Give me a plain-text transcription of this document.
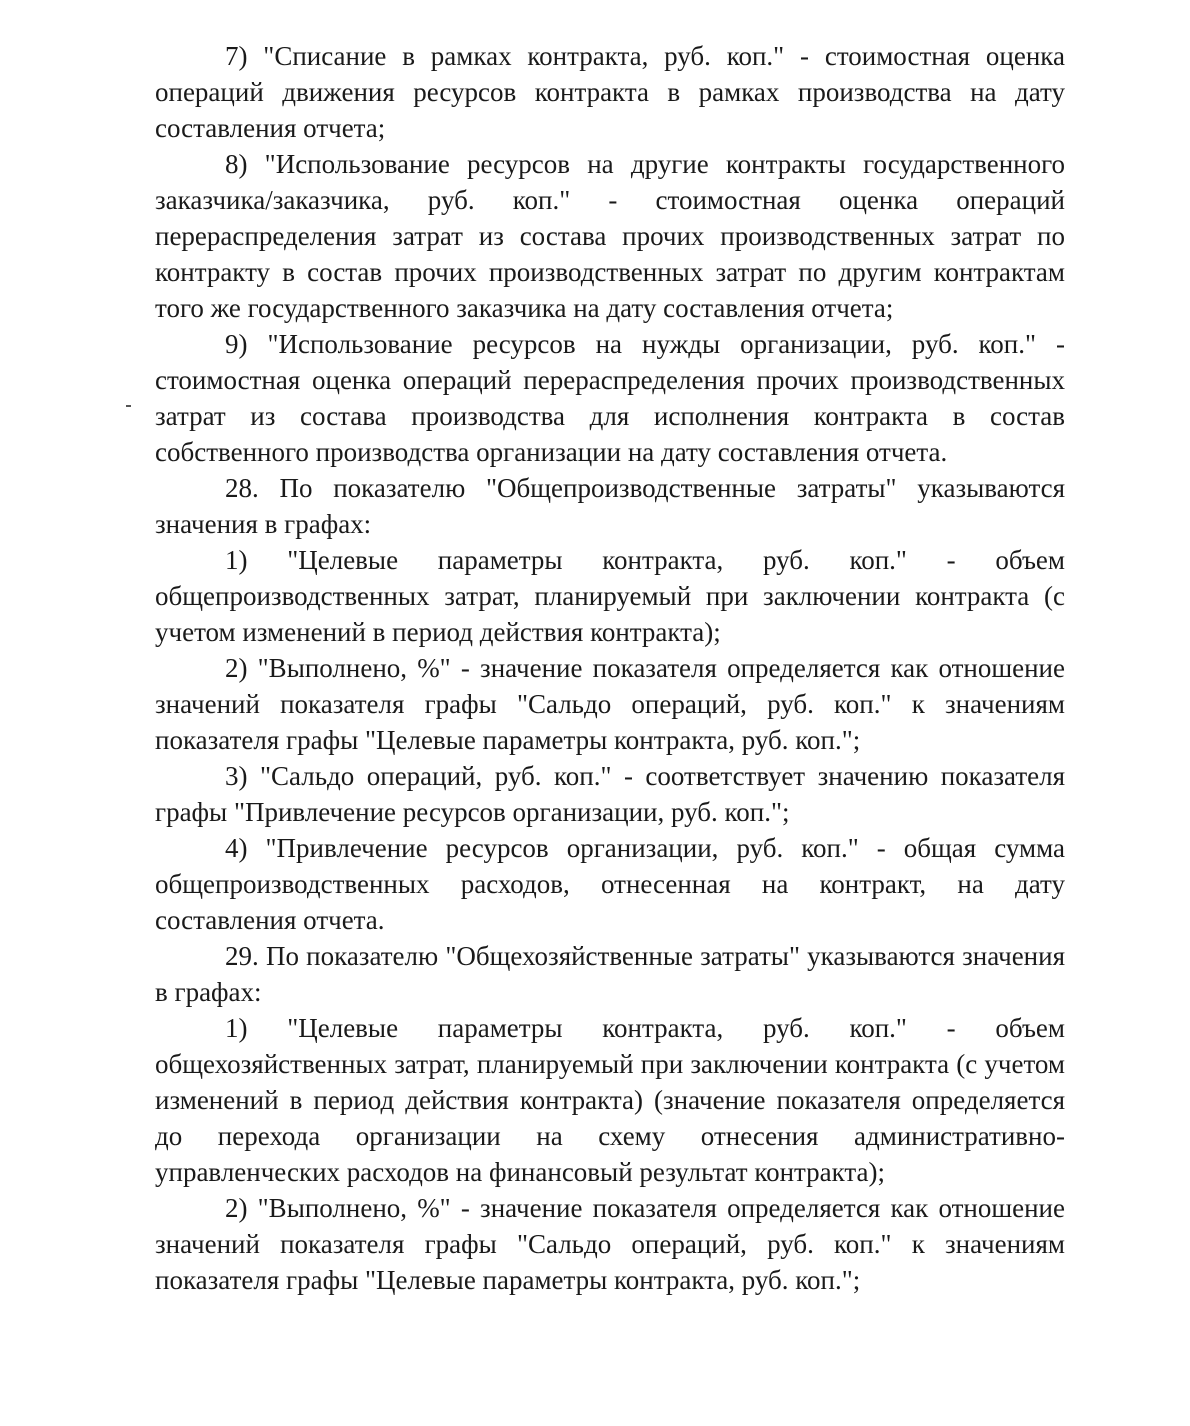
7) "Списание в рамках контракта, руб. коп." - стоимостная оценка операций движения ресурсов контракта в рамках производства на дату составления отчета;

8) "Использование ресурсов на другие контракты государственного заказчика/заказчика, руб. коп." - стоимостная оценка операций перераспределения затрат из состава прочих производственных затрат по контракту в состав прочих производственных затрат по другим контрактам того же государственного заказчика на дату составления отчета;

9) "Использование ресурсов на нужды организации, руб. коп." - стоимостная оценка операций перераспределения прочих производственных затрат из состава производства для исполнения контракта в состав собственного производства организации на дату составления отчета.

28. По показателю "Общепроизводственные затраты" указываются значения в графах:

1) "Целевые параметры контракта, руб. коп." - объем общепроизводственных затрат, планируемый при заключении контракта (с учетом изменений в период действия контракта);

2) "Выполнено, %" - значение показателя определяется как отношение значений показателя графы "Сальдо операций, руб. коп." к значениям показателя графы "Целевые параметры контракта, руб. коп.";

3) "Сальдо операций, руб. коп." - соответствует значению показателя графы "Привлечение ресурсов организации, руб. коп.";

4) "Привлечение ресурсов организации, руб. коп." - общая сумма общепроизводственных расходов, отнесенная на контракт, на дату составления отчета.

29. По показателю "Общехозяйственные затраты" указываются значения в графах:

1) "Целевые параметры контракта, руб. коп." - объем общехозяйственных затрат, планируемый при заключении контракта (с учетом изменений в период действия контракта) (значение показателя определяется до перехода организации на схему отнесения административно-управленческих расходов на финансовый результат контракта);

2) "Выполнено, %" - значение показателя определяется как отношение значений показателя графы "Сальдо операций, руб. коп." к значениям показателя графы "Целевые параметры контракта, руб. коп.";
